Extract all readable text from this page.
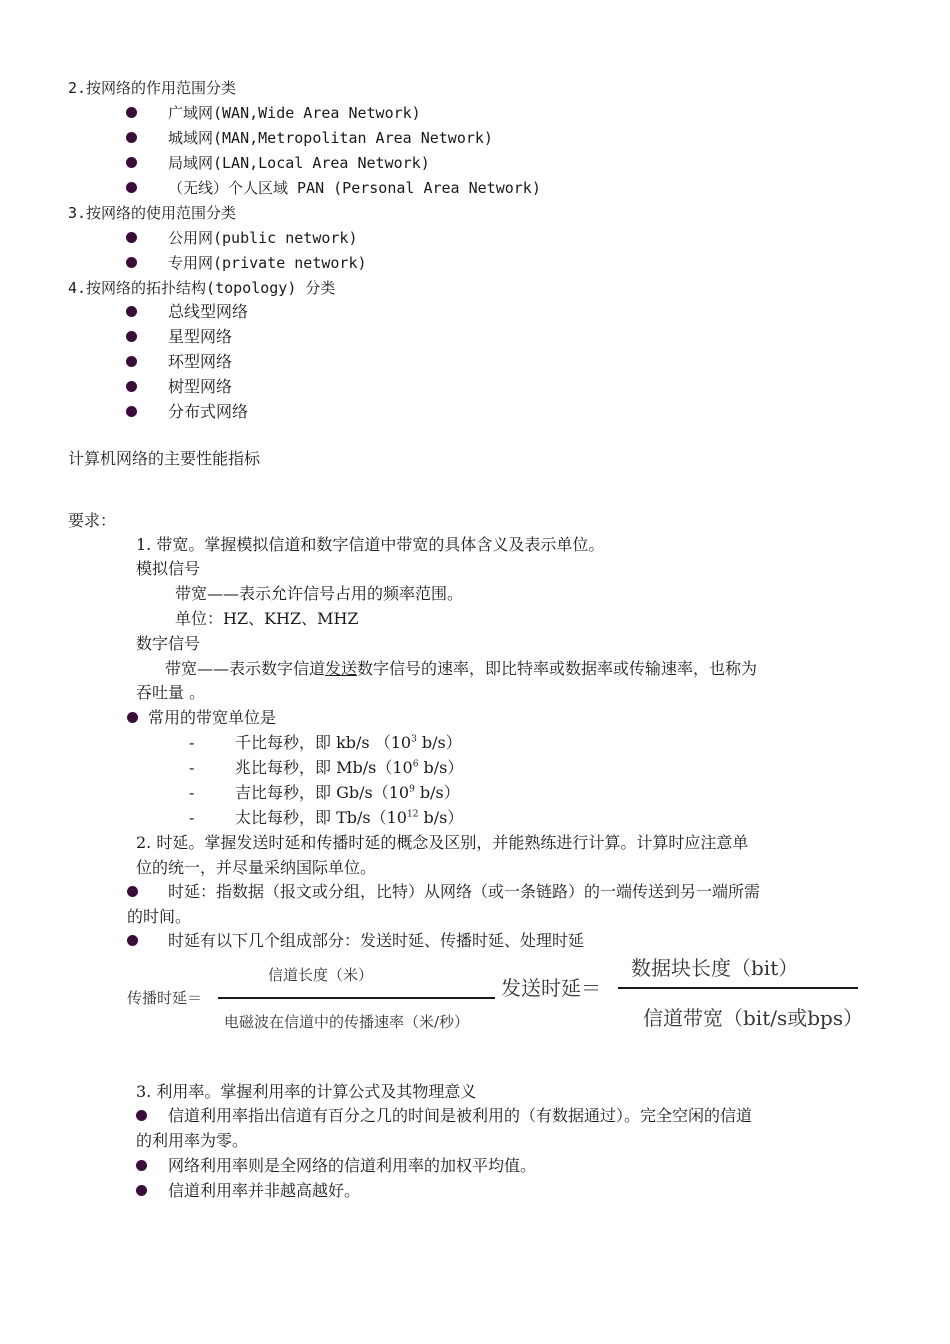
2.按网络的作用范围分类
广域网(WAN,Wide Area Network)
城域网(MAN,Metropolitan Area Network)
局域网(LAN,Local Area Network)
（无线）个人区域 PAN (Personal Area Network)
3.按网络的使用范围分类
公用网(public network)
专用网(private network)
4.按网络的拓扑结构(topology) 分类
总线型网络
星型网络
环型网络
树型网络
分布式网络
计算机网络的主要性能指标
要求：
1. 带宽。掌握模拟信道和数字信道中带宽的具体含义及表示单位。
模拟信号
带宽——表示允许信号占用的频率范围。
单位：HZ、KHZ、MHZ
数字信号
带宽——表示数字信道发送数字信号的速率，即比特率或数据率或传输速率，也称为
吞吐量 。
常用的带宽单位是
-	千比每秒，即 kb/s （$10^3$ b/s）
-	兆比每秒，即 $Mb/s(10^6$ b/s）
-	吉比每秒，即 $Gb/s(10^9$ b/s）
-	太比每秒，即 $Tb/s(10^{12}$ b/s）
2. 时延。掌握发送时延和传播时延的概念及区别，并能熟练进行计算。计算时应注意单
位的统一，并尽量采纳国际单位。
时延：指数据（报文或分组，比特）从网络（或一条链路）的一端传送到另一端所需
的时间。
时延有以下几个组成部分：发送时延、传播时延、处理时延
传播时延＝
信道长度（米）
电磁波在信道中的传播速率（米/秒）
发送时延＝
数据块长度（bit）
信道带宽（bit/s或bps）
3. 利用率。掌握利用率的计算公式及其物理意义
信道利用率指出信道有百分之几的时间是被利用的（有数据通过）。完全空闲的信道
的利用率为零。
网络利用率则是全网络的信道利用率的加权平均值。
信道利用率并非越高越好。
